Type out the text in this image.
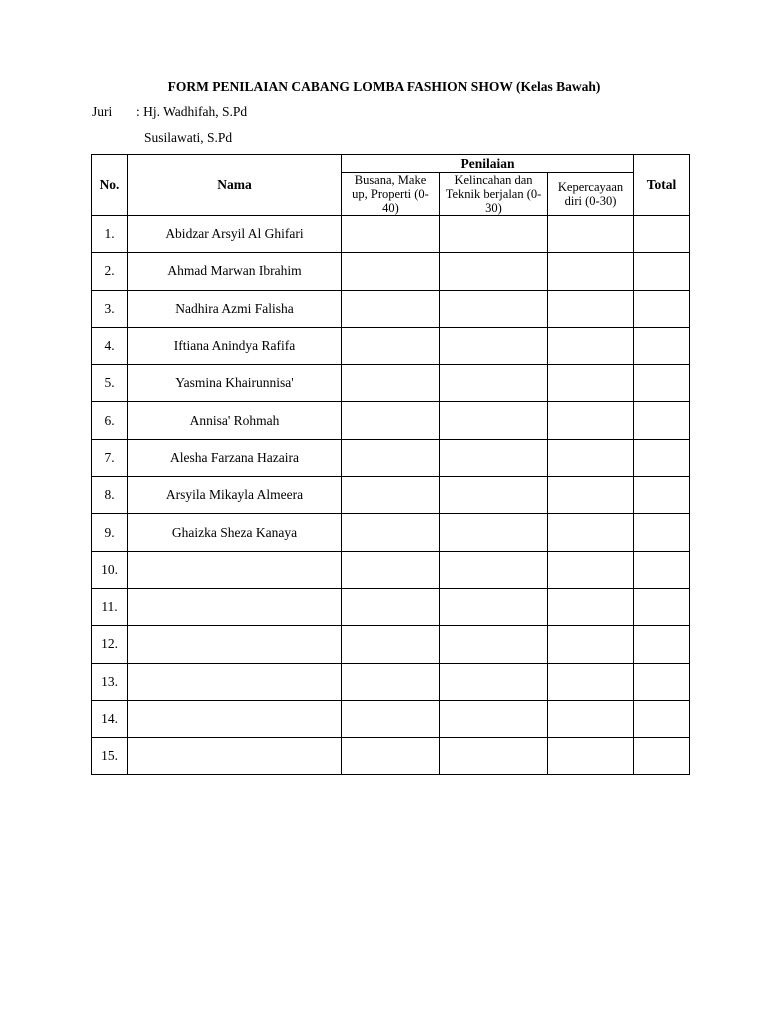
FORM PENILAIAN CABANG LOMBA FASHION SHOW (Kelas Bawah)
Juri : Hj. Wadhifah, S.Pd
Susilawati, S.Pd
No.	Nama	Penilaian			Total
		Busana, Make up, Properti (0-40)	Kelincahan dan Teknik berjalan (0-30)	Kepercayaan diri (0-30)	
1.	Abidzar Arsyil Al Ghifari				
2.	Ahmad Marwan Ibrahim				
3.	Nadhira Azmi Falisha				
4.	Iftiana Anindya Rafifa				
5.	Yasmina Khairunnisa'				
6.	Annisa' Rohmah				
7.	Alesha Farzana Hazaira				
8.	Arsyila Mikayla Almeera				
9.	Ghaizka Sheza Kanaya				
10.					
11.					
12.					
13.					
14.					
15.					
